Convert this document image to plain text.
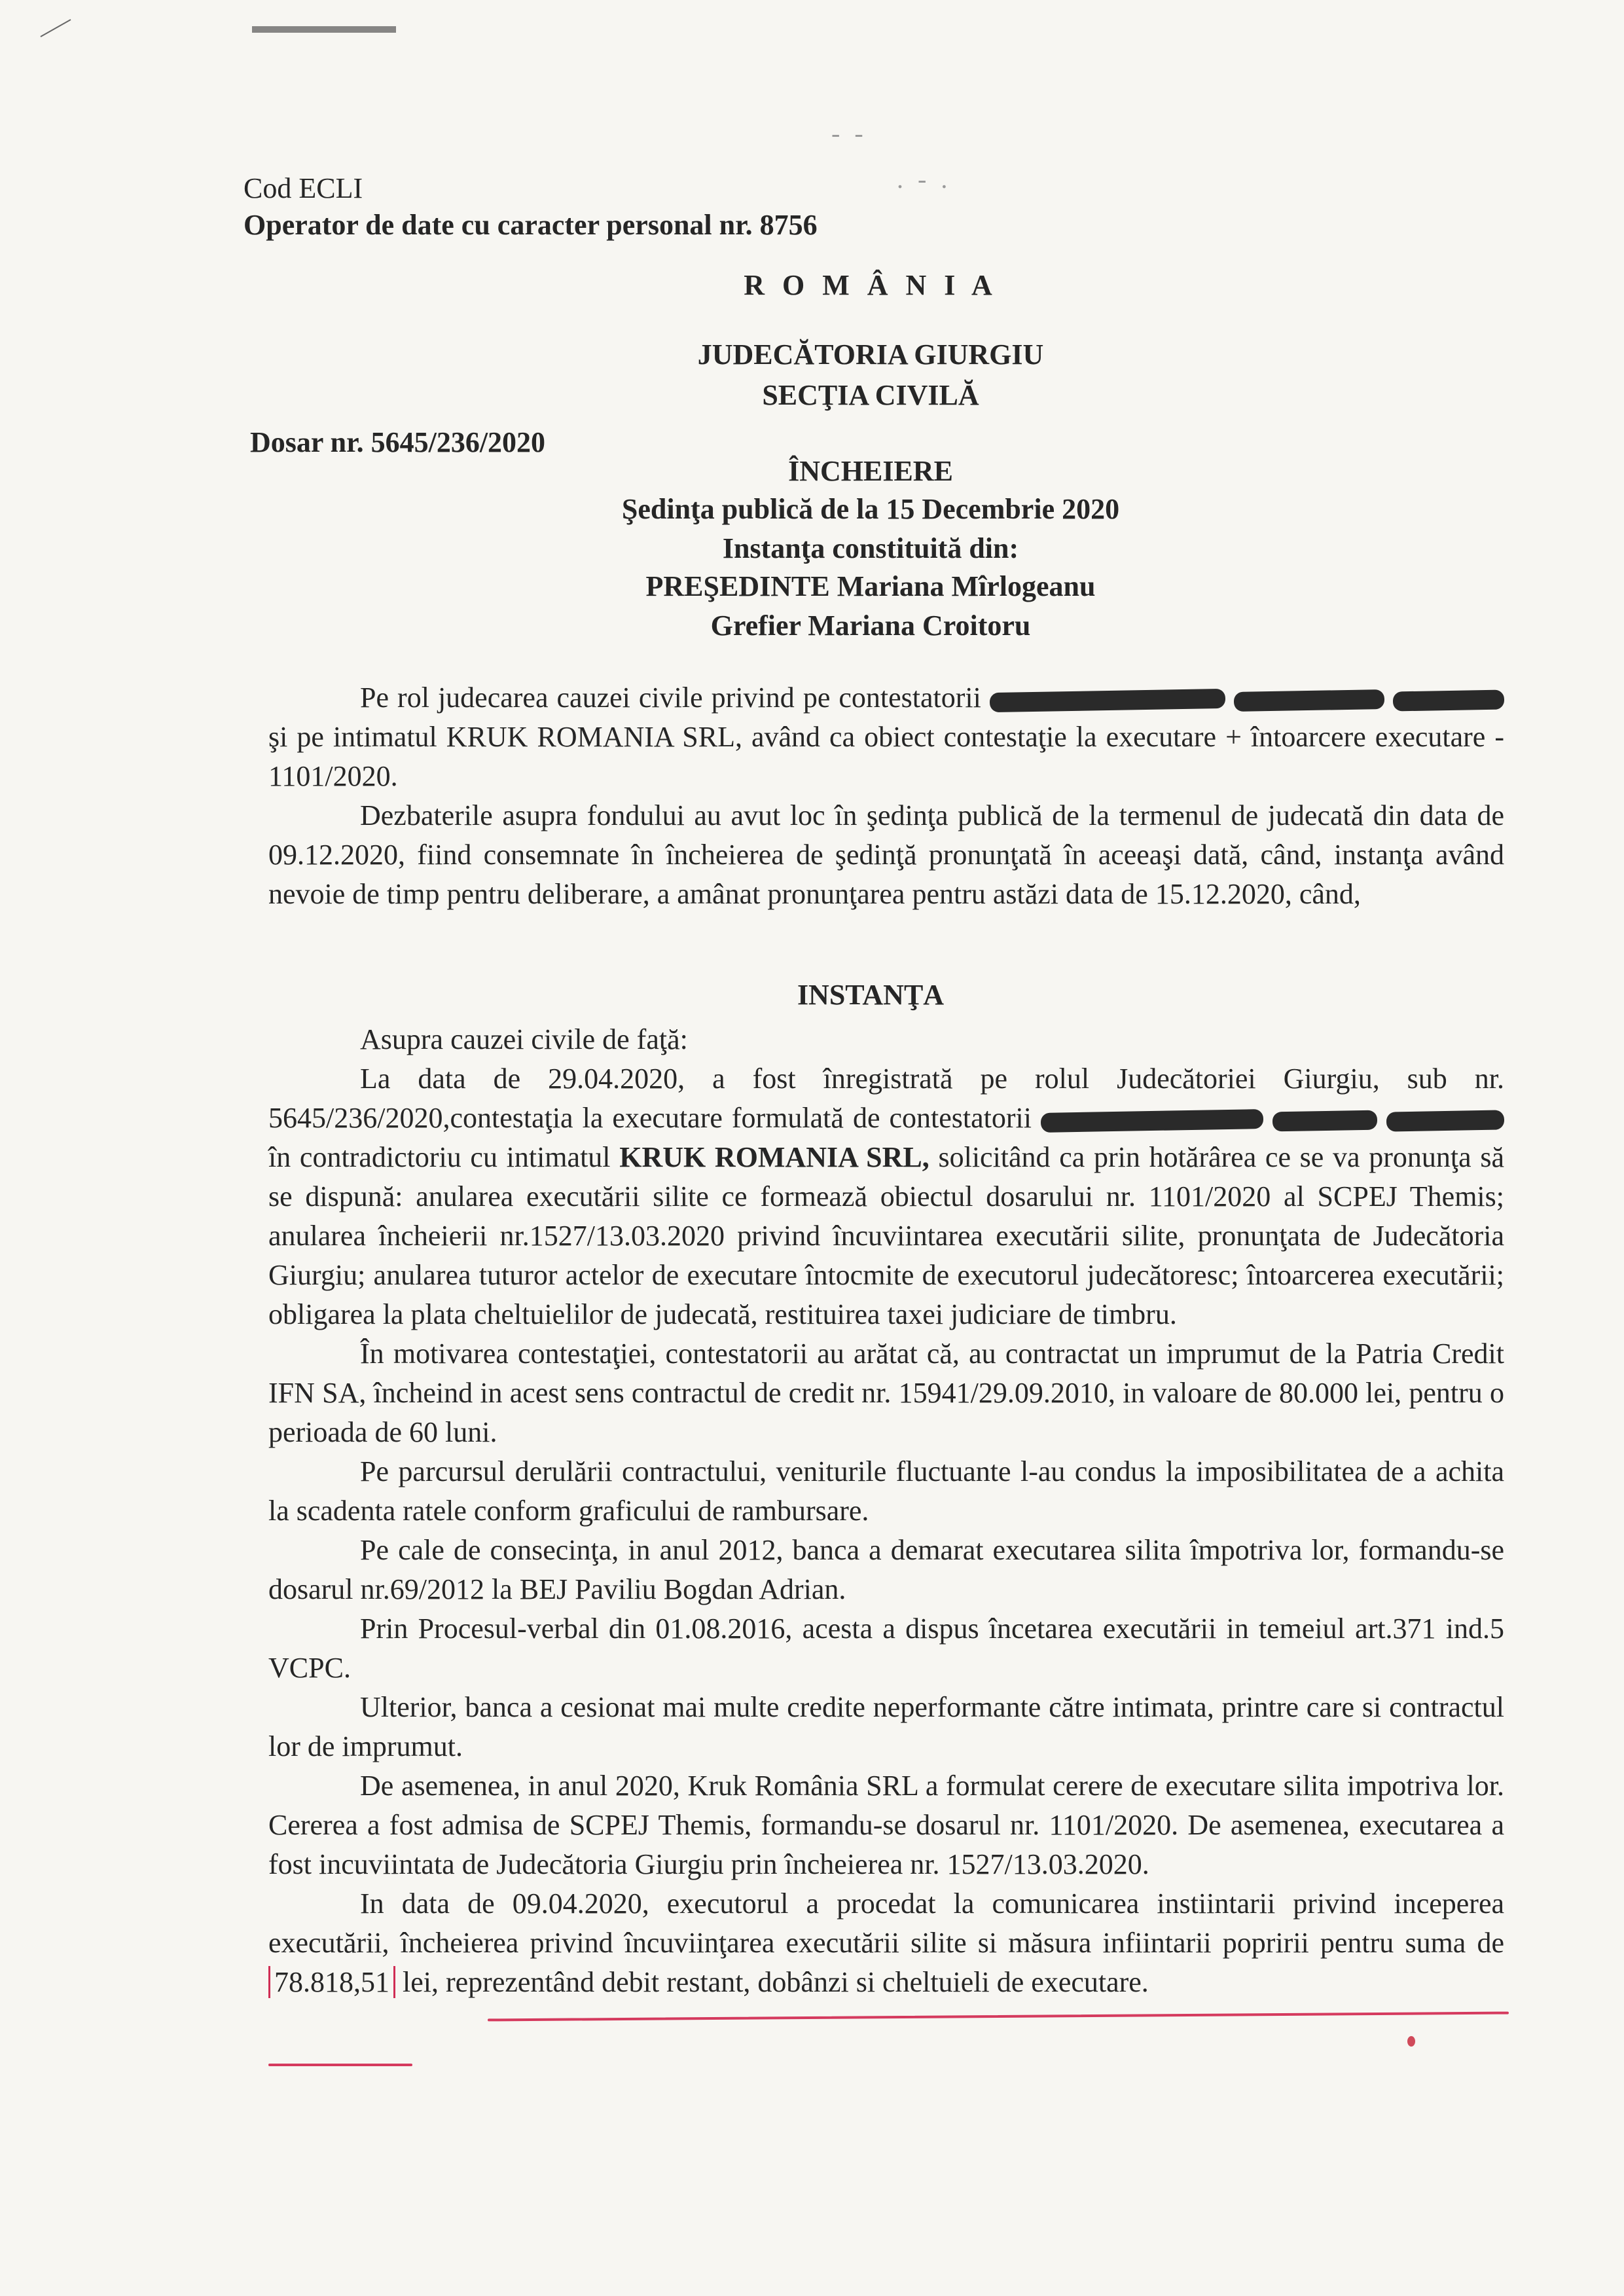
- -
. - .
Cod ECLI
Operator de date cu caracter personal nr. 8756
R O M Â N I A
JUDECĂTORIA GIURGIU
SECŢIA CIVILĂ
Dosar nr. 5645/236/2020
ÎNCHEIERE
Şedinţa publică de la 15 Decembrie 2020
Instanţa constituită din:
PREŞEDINTE Mariana Mîrlogeanu
Grefier Mariana Croitoru

Pe rol judecarea cauzei civile privind pe contestatorii    şi pe intimatul KRUK ROMANIA SRL, având ca obiect contestaţie la executare + întoarcere executare - 1101/2020.

Dezbaterile asupra fondului au avut loc în şedinţa publică de la termenul de judecată din data de 09.12.2020, fiind consemnate în încheierea de şedinţă pronunţată în aceeaşi dată, când, instanţa având nevoie de timp pentru deliberare, a amânat pronunţarea pentru astăzi data de 15.12.2020, când,

INSTANŢA

Asupra cauzei civile de faţă:

La data de 29.04.2020, a fost înregistrată pe rolul Judecătoriei Giurgiu, sub nr. 5645/236/2020,contestaţia la executare formulată de contestatorii    în contradictoriu cu intimatul KRUK ROMANIA SRL, solicitând ca prin hotărârea ce se va pronunţa să se dispună: anularea executării silite ce formează obiectul dosarului nr. 1101/2020 al SCPEJ Themis; anularea încheierii nr.1527/13.03.2020 privind încuviintarea executării silite, pronunţata de Judecătoria Giurgiu; anularea tuturor actelor de executare întocmite de executorul judecătoresc; întoarcerea executării; obligarea la plata cheltuielilor de judecată, restituirea taxei judiciare de timbru.

În motivarea contestaţiei, contestatorii au arătat că, au contractat un imprumut de la Patria Credit IFN SA, încheind in acest sens contractul de credit nr. 15941/29.09.2010, in valoare de 80.000 lei, pentru o perioada de 60 luni.

Pe parcursul derulării contractului, veniturile fluctuante l-au condus la imposibilitatea de a achita la scadenta ratele conform graficului de rambursare.

Pe cale de consecinţa, in anul 2012, banca a demarat executarea silita împotriva lor, formandu-se dosarul nr.69/2012 la BEJ Paviliu Bogdan Adrian.

Prin Procesul-verbal din 01.08.2016, acesta a dispus încetarea executării in temeiul art.371 ind.5 VCPC.

Ulterior, banca a cesionat mai multe credite neperformante către intimata, printre care si contractul lor de imprumut.

De asemenea, in anul 2020, Kruk România SRL a formulat cerere de executare silita impotriva lor. Cererea a fost admisa de SCPEJ Themis, formandu-se dosarul nr. 1101/2020. De asemenea, executarea a fost incuviintata de Judecătoria Giurgiu prin încheierea nr. 1527/13.03.2020.

In data de 09.04.2020, executorul a procedat la comunicarea instiintarii privind inceperea executării, încheierea privind încuviinţarea executării silite si măsura infiintarii popririi pentru suma de 78.818,51 lei, reprezentând debit restant, dobânzi si cheltuieli de executare.
